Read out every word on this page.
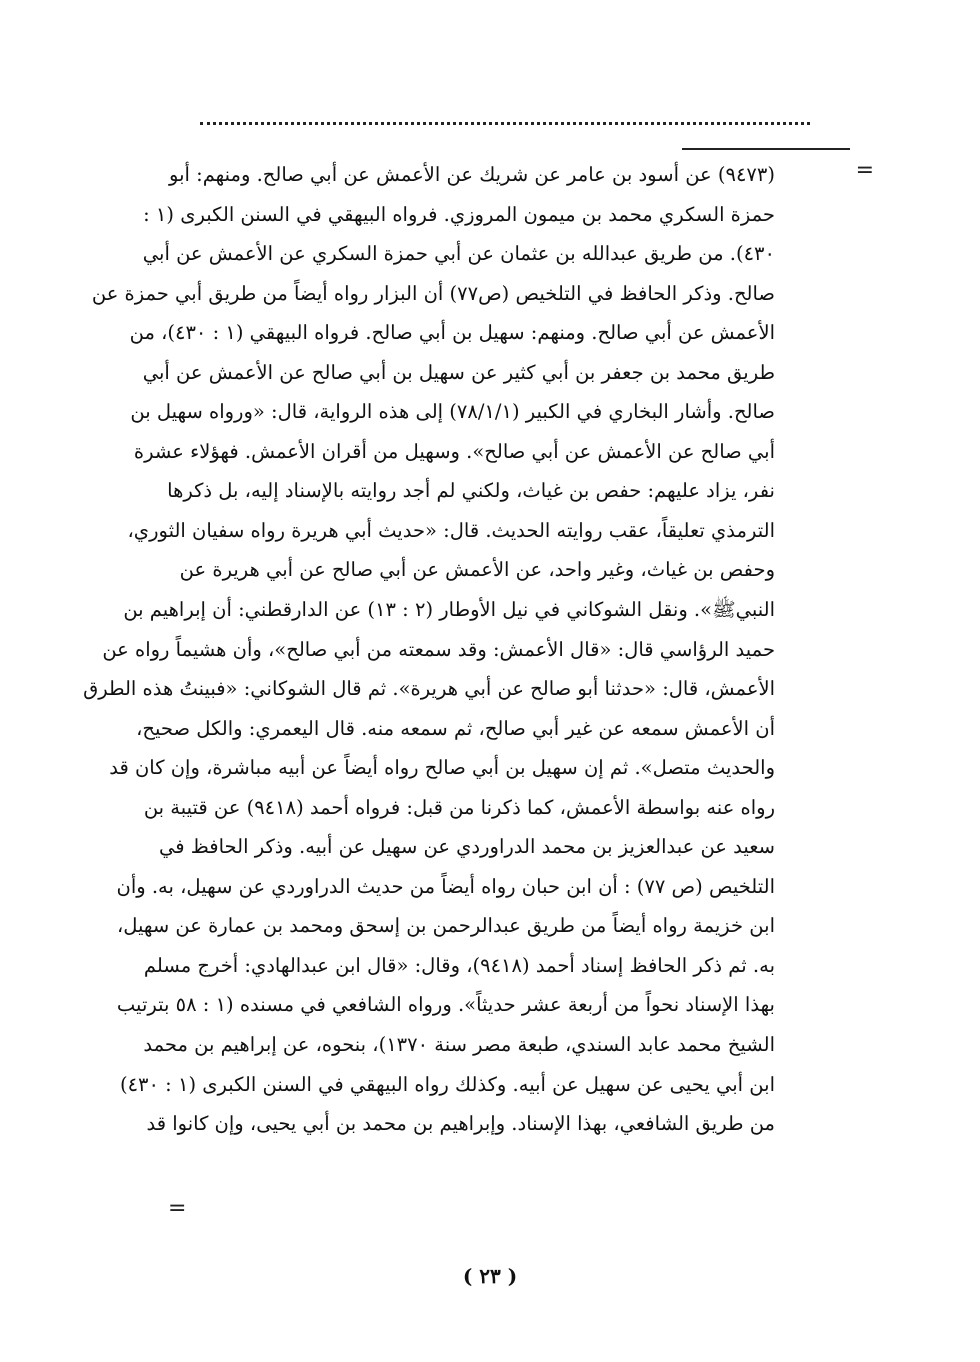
=
(٩٤٧٣) عن أسود بن عامر عن شريك عن الأعمش عن أبي صالح. ومنهم: أبو
حمزة السكري محمد بن ميمون المروزي. فرواه البيهقي في السنن الكبرى (١ :
٤٣٠). من طريق عبدالله بن عثمان عن أبي حمزة السكري عن الأعمش عن أبي
صالح. وذكر الحافظ في التلخيص (ص٧٧) أن البزار رواه أيضاً من طريق أبي حمزة عن
الأعمش عن أبي صالح. ومنهم: سهيل بن أبي صالح. فرواه البيهقي (١ : ٤٣٠)، من
طريق محمد بن جعفر بن أبي كثير عن سهيل بن أبي صالح عن الأعمش عن أبي
صالح. وأشار البخاري في الكبير (٧٨/١/١) إلى هذه الرواية، قال: «ورواه سهيل بن
أبي صالح عن الأعمش عن أبي صالح». وسهيل من أقران الأعمش. فهؤلاء عشرة
نفر، يزاد عليهم: حفص بن غياث، ولكني لم أجد روايته بالإسناد إليه، بل ذكرها
الترمذي تعليقاً، عقب روايته الحديث. قال: «حديث أبي هريرة رواه سفيان الثوري،
وحفص بن غياث، وغير واحد، عن الأعمش عن أبي صالح عن أبي هريرة عن
النبيﷺ». ونقل الشوكاني في نيل الأوطار (٢ : ١٣) عن الدارقطني: أن إبراهيم بن
حميد الرؤاسي قال: «قال الأعمش: وقد سمعته من أبي صالح»، وأن هشيماً رواه عن
الأعمش، قال: «حدثنا أبو صالح عن أبي هريرة». ثم قال الشوكاني: «فبينتُ هذه الطرق
أن الأعمش سمعه عن غير أبي صالح، ثم سمعه منه. قال اليعمري: والكل صحيح،
والحديث متصل». ثم إن سهيل بن أبي صالح رواه أيضاً عن أبيه مباشرة، وإن كان قد
رواه عنه بواسطة الأعمش، كما ذكرنا من قبل: فرواه أحمد (٩٤١٨) عن قتيبة بن
سعيد عن عبدالعزيز بن محمد الدراوردي عن سهيل عن أبيه. وذكر الحافظ في
التلخيص (ص ٧٧) : أن ابن حبان رواه أيضاً من حديث الدراوردي عن سهيل، به. وأن
ابن خزيمة رواه أيضاً من طريق عبدالرحمن بن إسحق ومحمد بن عمارة عن سهيل،
به. ثم ذكر الحافظ إسناد أحمد (٩٤١٨)، وقال: «قال ابن عبدالهادي: أخرج مسلم
بهذا الإسناد نحواً من أربعة عشر حديثاً». ورواه الشافعي في مسنده (١ : ٥٨ بترتيب
الشيخ محمد عابد السندي، طبعة مصر سنة ١٣٧٠)، بنحوه، عن إبراهيم بن محمد
ابن أبي يحيى عن سهيل عن أبيه. وكذلك رواه البيهقي في السنن الكبرى (١ : ٤٣٠)
من طريق الشافعي، بهذا الإسناد. وإبراهيم بن محمد بن أبي يحيى، وإن كانوا قد
=
( ٢٣ )
